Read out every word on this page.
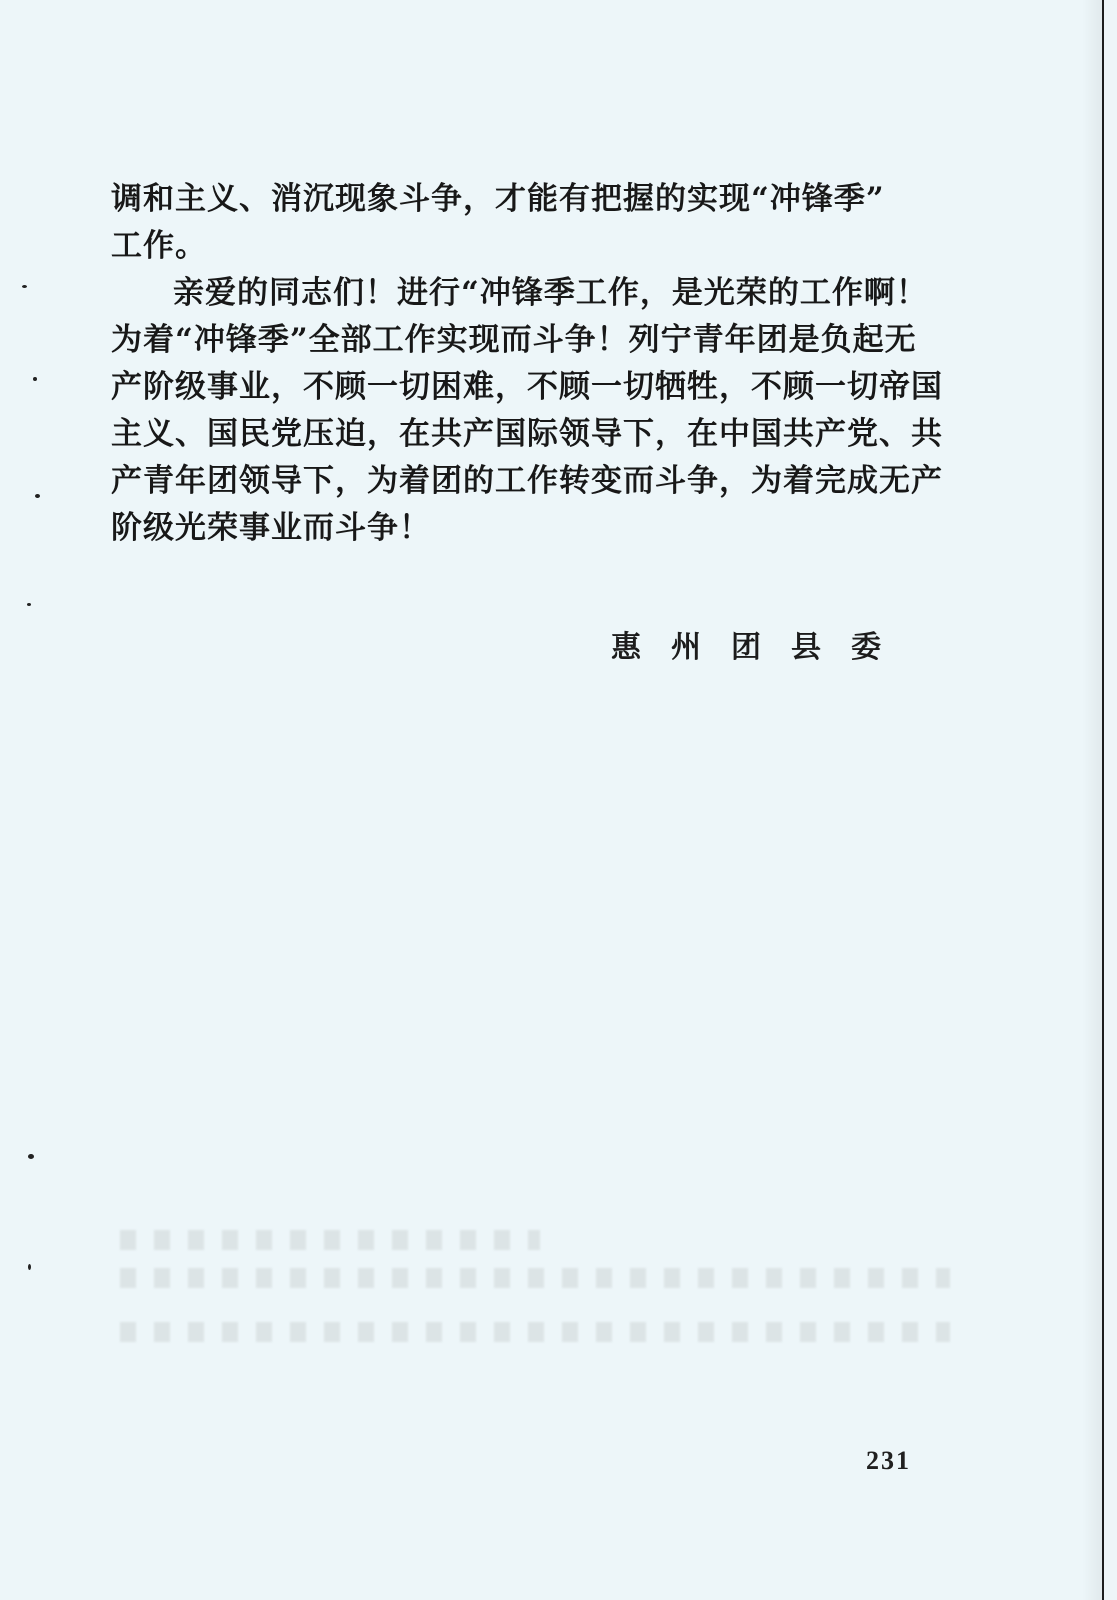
调和主义、消沉现象斗争，才能有把握的实现“冲锋季”
工作。
亲爱的同志们！进行“冲锋季工作，是光荣的工作啊！
为着“冲锋季”全部工作实现而斗争！列宁青年团是负起无
产阶级事业，不顾一切困难，不顾一切牺牲，不顾一切帝国
主义、国民党压迫，在共产国际领导下，在中国共产党、共
产青年团领导下，为着团的工作转变而斗争，为着完成无产
阶级光荣事业而斗争！
惠州团县委
231
